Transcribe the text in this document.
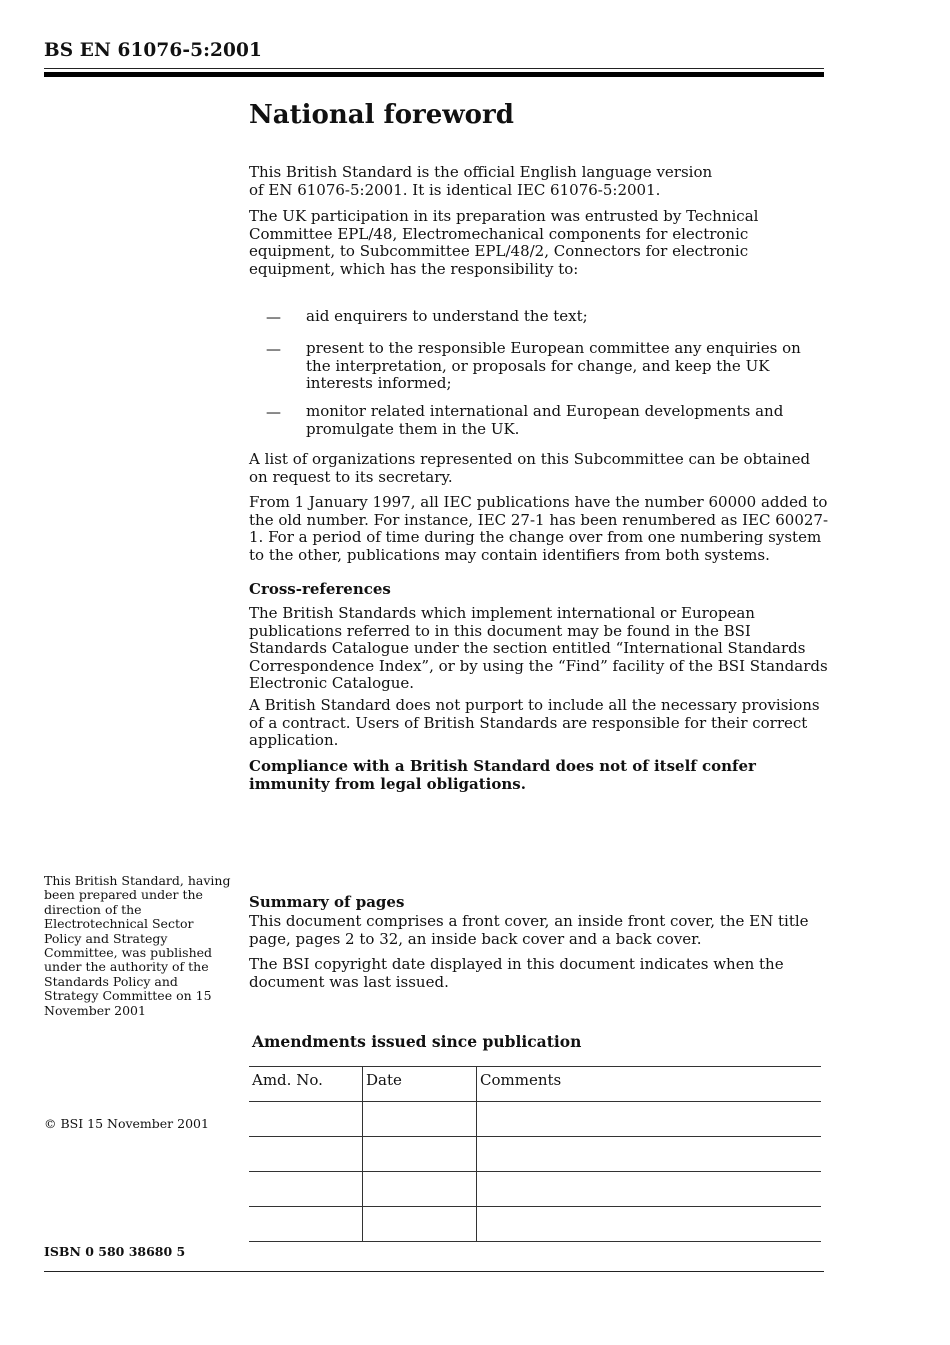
BS EN 61076-5:2001
National foreword
This British Standard is the official English language version of EN 61076-5:2001. It is identical IEC 61076-5:2001.
The UK participation in its preparation was entrusted by Technical Committee EPL/48, Electromechanical components for electronic equipment, to Subcommittee EPL/48/2, Connectors for electronic equipment, which has the responsibility to:
— aid enquirers to understand the text;
— present to the responsible European committee any enquiries on the interpretation, or proposals for change, and keep the UK interests informed;
— monitor related international and European developments and promulgate them in the UK.
A list of organizations represented on this Subcommittee can be obtained on request to its secretary.
From 1 January 1997, all IEC publications have the number 60000 added to the old number. For instance, IEC 27-1 has been renumbered as IEC 60027-1. For a period of time during the change over from one numbering system to the other, publications may contain identifiers from both systems.
Cross-references
The British Standards which implement international or European publications referred to in this document may be found in the BSI Standards Catalogue under the section entitled “International Standards Correspondence Index”, or by using the “Find” facility of the BSI Standards Electronic Catalogue.
A British Standard does not purport to include all the necessary provisions of a contract. Users of British Standards are responsible for their correct application.
Compliance with a British Standard does not of itself confer immunity from legal obligations.
This British Standard, having been prepared under the direction of the Electrotechnical Sector Policy and Strategy Committee, was published under the authority of the Standards Policy and Strategy Committee on 15 November 2001
Summary of pages
This document comprises a front cover, an inside front cover, the EN title page, pages 2 to 32, an inside back cover and a back cover.
The BSI copyright date displayed in this document indicates when the document was last issued.
Amendments issued since publication
Amd. No.	Date	Comments

© BSI 15 November 2001
ISBN 0 580 38680 5
